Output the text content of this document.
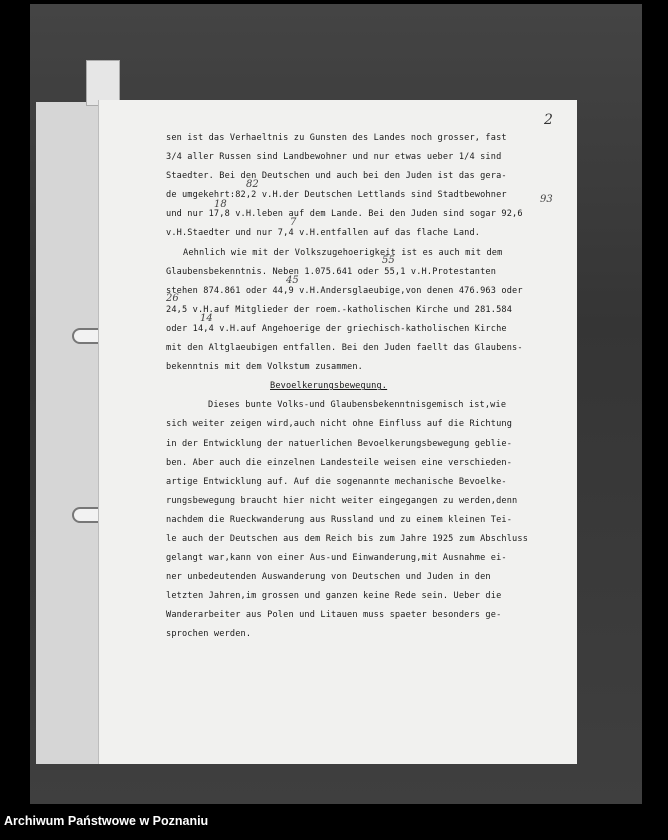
2
82
93
18
7
55
45
26
14
sen ist das Verhaeltnis zu Gunsten des Landes noch grosser, fast
3/4 aller Russen sind Landbewohner und nur etwas ueber 1/4 sind
Staedter. Bei den Deutschen und auch bei den Juden ist das gera-
de umgekehrt:82,2 v.H.der Deutschen Lettlands sind Stadtbewohner
und nur 17,8 v.H.leben auf dem Lande. Bei den Juden sind sogar 92,6
v.H.Staedter und nur 7,4 v.H.entfallen auf das flache Land.
Aehnlich wie mit der Volkszugehoerigkeit ist es auch mit dem
Glaubensbekenntnis. Neben 1.075.641 oder 55,1 v.H.Protestanten
stehen 874.861 oder 44,9 v.H.Andersglaeubige,von denen 476.963 oder
24,5 v.H.auf Mitglieder der roem.-katholischen Kirche und 281.584
oder 14,4 v.H.auf Angehoerige der griechisch-katholischen Kirche
mit den Altglaeubigen entfallen. Bei den Juden faellt das Glaubens-
bekenntnis mit dem Volkstum zusammen.
Bevoelkerungsbewegung.
Dieses bunte Volks-und Glaubensbekenntnisgemisch ist,wie
sich weiter zeigen wird,auch nicht ohne Einfluss auf die Richtung
in der Entwicklung der natuerlichen Bevoelkerungsbewegung geblie-
ben. Aber auch die einzelnen Landesteile weisen eine verschieden-
artige Entwicklung auf. Auf die sogenannte mechanische Bevoelke-
rungsbewegung braucht hier nicht weiter eingegangen zu werden,denn
nachdem die Rueckwanderung aus Russland und zu einem kleinen Tei-
le auch der Deutschen aus dem Reich bis zum Jahre 1925 zum Abschluss
gelangt war,kann von einer Aus-und Einwanderung,mit Ausnahme ei-
ner unbedeutenden Auswanderung von Deutschen und Juden in den
letzten Jahren,im grossen und ganzen keine Rede sein. Ueber die
Wanderarbeiter aus Polen und Litauen muss spaeter besonders ge-
sprochen werden.
Archiwum Państwowe w Poznaniu
